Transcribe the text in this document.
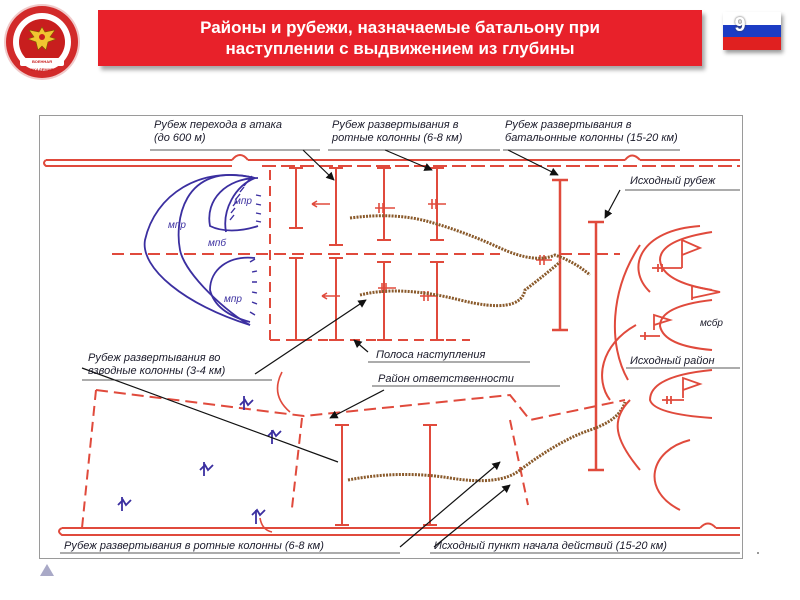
ВОЕННАЯ АКАДЕМИЯ
Районы и рубежи, назначаемые батальону при
наступлении с выдвижением из глубины
9
Рубеж перехода в атака (до 600 м)
Рубеж развертывания в ротные колонны (6-8 км)
Рубеж развертывания в батальонные колонны (15-20 км)
Исходный рубеж
Рубеж развертывания во взводные колонны (3-4 км)
Полоса наступления
Район ответственности
Исходный район
Рубеж развертывания в ротные колонны (6-8 км)	Исходный пункт начала действий (15-20 км)
мпр
мпр
мпб
мпр
мсбр
